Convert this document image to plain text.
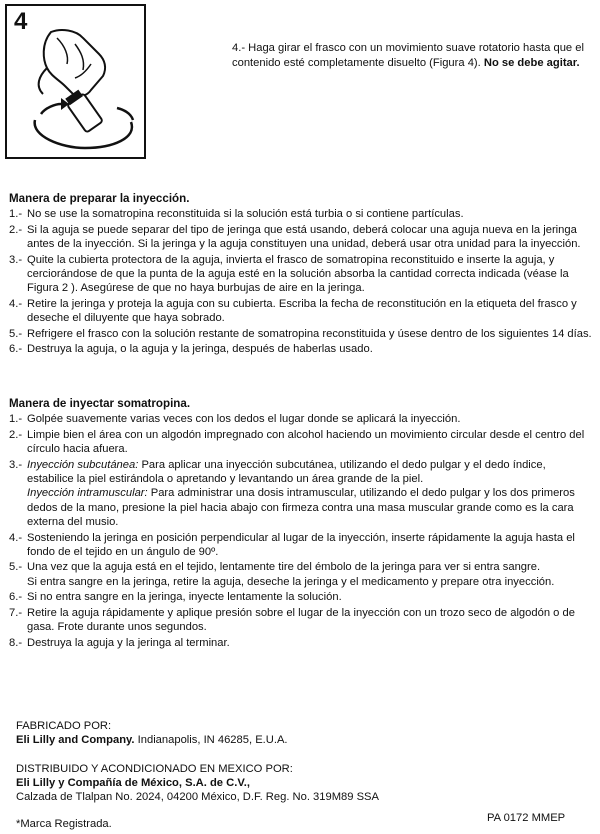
4
4.- Haga girar el frasco con un movimiento suave rotatorio hasta que el contenido esté completamente disuelto (Figura 4). No se debe agitar.
Manera de preparar la inyección.
1.- No se use la somatropina reconstituida si la solución está turbia o si contiene partículas.
2.- Si la aguja se puede separar del tipo de jeringa que está usando, deberá colocar una aguja nueva en la jeringa antes de la inyección. Si la jeringa y la aguja constituyen una unidad, deberá usar otra unidad para la inyección.
3.- Quite la cubierta protectora de la aguja, invierta el frasco de somatropina reconstituido e inserte la aguja, y cerciorándose de que la punta de la aguja esté en la solución absorba la cantidad correcta indicada (véase la Figura 2 ). Asegúrese de que no haya burbujas de aire en la jeringa.
4.- Retire la jeringa y proteja la aguja con su cubierta. Escriba la fecha de reconstitución en la etiqueta del frasco y deseche el diluyente que haya sobrado.
5.- Refrigere el frasco con la solución restante de somatropina reconstituida y úsese dentro de los siguientes 14 días.
6.- Destruya la aguja, o la aguja y la jeringa, después de haberlas usado.
Manera de inyectar somatropina.
1.- Golpée suavemente varias veces con los dedos el lugar donde se aplicará la inyección.
2.- Limpie bien el área con un algodón impregnado con alcohol haciendo un movimiento circular desde el centro del círculo hacia afuera.
3.- Inyección subcutánea: Para aplicar una inyección subcutánea, utilizando el dedo pulgar y el dedo índice, estabilice la piel estirándola o apretando y levantando un área grande de la piel.
Inyección intramuscular: Para administrar una dosis intramuscular, utilizando el dedo pulgar y los dos primeros dedos de la mano, presione la piel hacia abajo con firmeza contra una masa muscular grande como es la cara externa del musio.
4.- Sosteniendo la jeringa en posición perpendicular al lugar de la inyección, inserte rápidamente la aguja hasta el fondo de el tejido en un ángulo de 90º.
5.- Una vez que la aguja está en el tejido, lentamente tire del émbolo de la jeringa para ver si entra sangre.
Si entra sangre en la jeringa, retire la aguja, deseche la jeringa y el medicamento y prepare otra inyección.
6.- Si no entra sangre en la jeringa, inyecte lentamente la solución.
7.- Retire la aguja rápidamente y aplique presión sobre el lugar de la inyección con un trozo seco de algodón o de gasa. Frote durante unos segundos.
8.- Destruya la aguja y la jeringa al terminar.
FABRICADO POR:
Eli Lilly and Company. Indianapolis, IN 46285, E.U.A.
DISTRIBUIDO Y ACONDICIONADO EN MEXICO POR:
Eli Lilly y Compañía de México, S.A. de C.V.,
Calzada de Tlalpan No. 2024, 04200 México, D.F. Reg. No. 319M89 SSA
*Marca Registrada.	PA 0172 MMEP
